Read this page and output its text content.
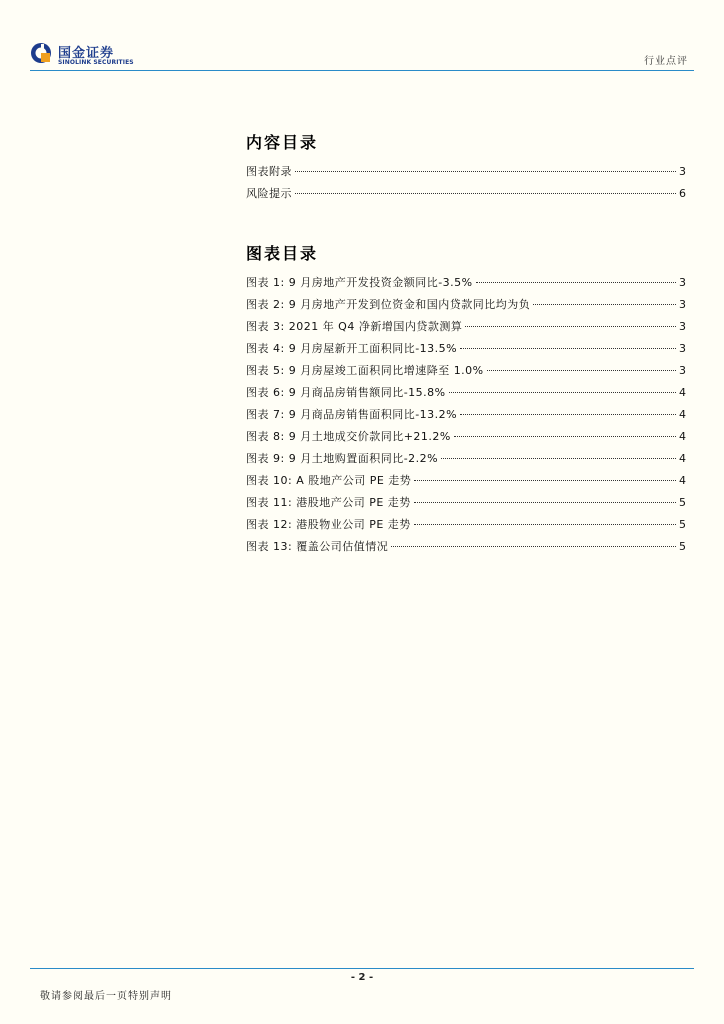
国金证券
SINOLINK SECURITIES	行业点评
内容目录
图表附录	3
风险提示	6
图表目录
图表 1: 9 月房地产开发投资金额同比-3.5%	3
图表 2: 9 月房地产开发到位资金和国内贷款同比均为负	3
图表 3: 2021 年 Q4 净新增国内贷款测算	3
图表 4: 9 月房屋新开工面积同比-13.5%	3
图表 5: 9 月房屋竣工面积同比增速降至 1.0%	3
图表 6: 9 月商品房销售额同比-15.8%	4
图表 7: 9 月商品房销售面积同比-13.2%	4
图表 8: 9 月土地成交价款同比+21.2%	4
图表 9: 9 月土地购置面积同比-2.2%	4
图表 10: A 股地产公司 PE 走势	4
图表 11: 港股地产公司 PE 走势	5
图表 12: 港股物业公司 PE 走势	5
图表 13: 覆盖公司估值情况	5
- 2 -
敬请参阅最后一页特别声明
